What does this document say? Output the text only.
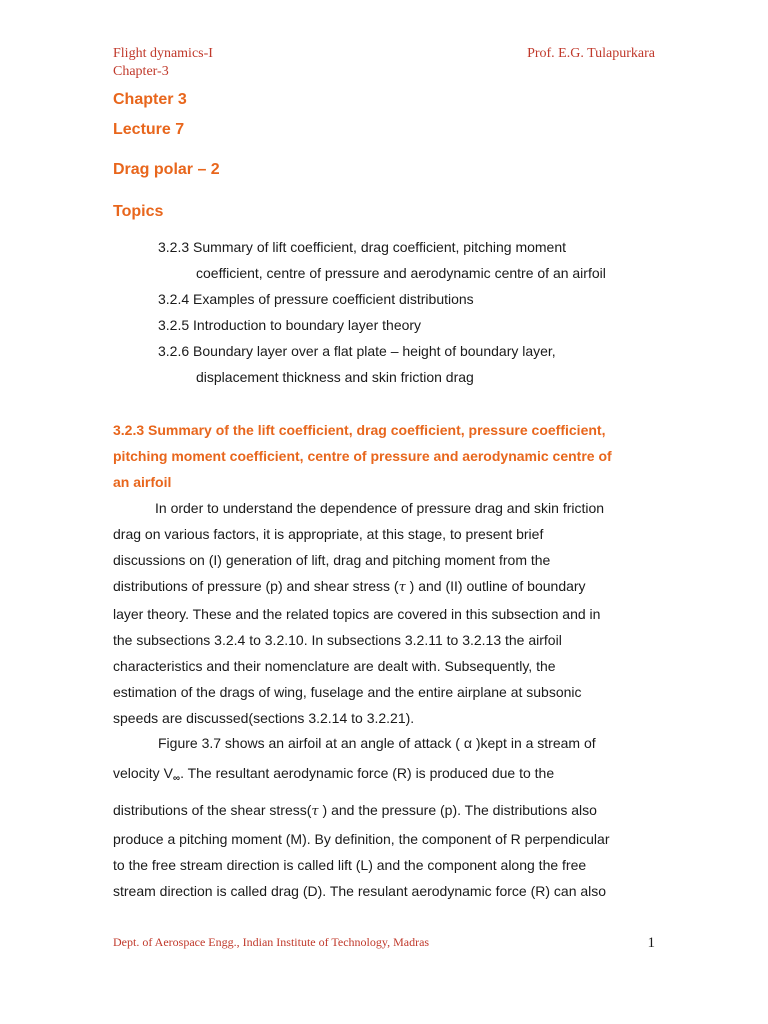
Flight dynamics-I
Chapter-3
Prof. E.G. Tulapurkara
Chapter 3
Lecture 7
Drag polar – 2
Topics
3.2.3 Summary of lift coefficient, drag coefficient, pitching moment
coefficient, centre of pressure and aerodynamic centre of an airfoil
3.2.4 Examples of pressure coefficient distributions
3.2.5 Introduction to boundary layer theory
3.2.6 Boundary layer over a flat plate – height of boundary layer,
displacement thickness and skin friction drag
3.2.3 Summary of the lift coefficient, drag coefficient, pressure coefficient,
pitching moment coefficient, centre of pressure and aerodynamic centre of
an airfoil
In order to understand the dependence of pressure drag and skin friction
drag on various factors, it is appropriate, at this stage, to present brief
discussions on (I) generation of lift, drag and pitching moment from the
distributions of pressure (p) and shear stress (τ ) and (II) outline of boundary
layer theory. These and the related topics are covered in this subsection and in
the subsections 3.2.4 to 3.2.10. In subsections 3.2.11 to 3.2.13 the airfoil
characteristics and their nomenclature are dealt with. Subsequently, the
estimation of the drags of wing, fuselage and the entire airplane at subsonic
speeds are discussed(sections 3.2.14 to 3.2.21).
Figure 3.7 shows an airfoil at an angle of attack ( α )kept in a stream of
velocity $V_\infty$. The resultant aerodynamic force (R) is produced due to the
distributions of the shear stress(τ ) and the pressure (p). The distributions also
produce a pitching moment (M). By definition, the component of R perpendicular
to the free stream direction is called lift (L) and the component along the free
stream direction is called drag (D). The resulant aerodynamic force (R) can also
Dept. of Aerospace Engg., Indian Institute of Technology, Madras	1
